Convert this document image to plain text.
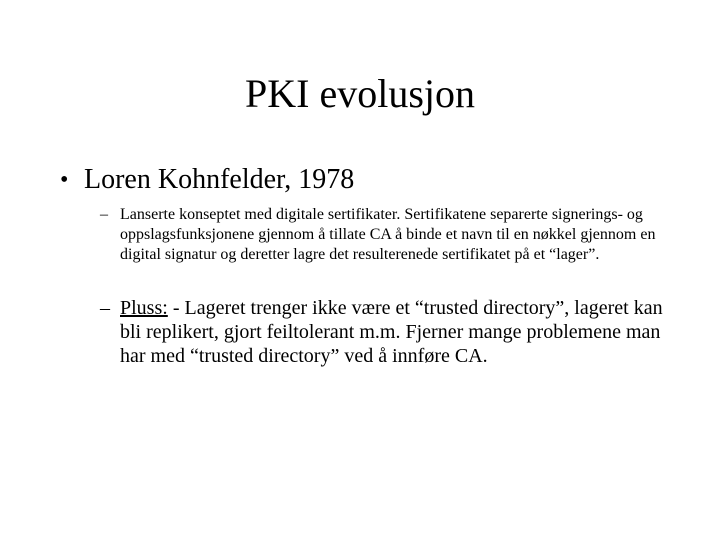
PKI evolusjon
• Loren Kohnfelder, 1978
– Lanserte konseptet med digitale sertifikater. Sertifikatene separerte signerings- og oppslagsfunksjonene gjennom å tillate CA å binde et navn til en nøkkel gjennom en digital signatur og deretter lagre det resulterenede sertifikatet på et “lager”.
– Pluss: - Lageret trenger ikke være et “trusted directory”, lageret kan bli replikert, gjort feiltolerant m.m. Fjerner mange problemene man har med “trusted directory” ved å innføre CA.
